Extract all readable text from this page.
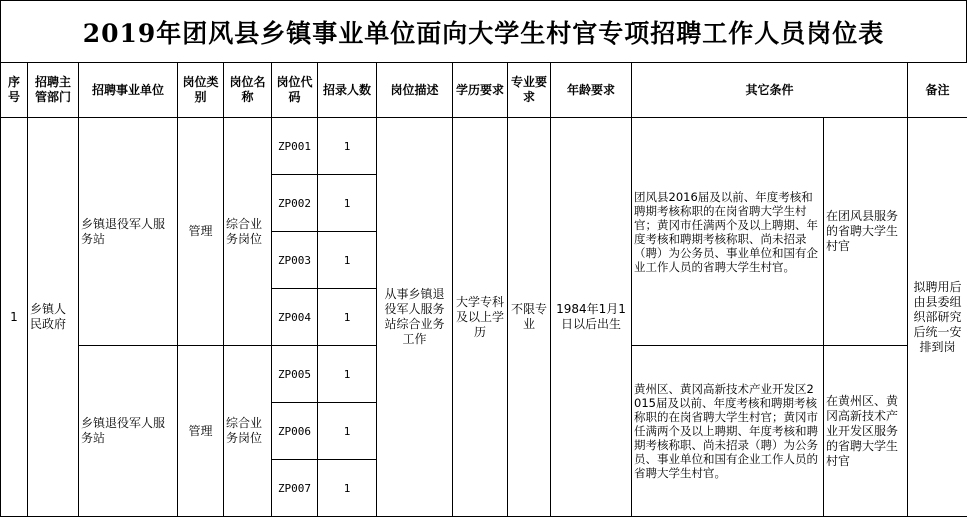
2019年团风县乡镇事业单位面向大学生村官专项招聘工作人员岗位表
序号	招聘主管部门	招聘事业单位	岗位类别	岗位名称	岗位代码	招录人数	岗位描述	学历要求	专业要求	年龄要求	其它条件		备注
1	乡镇人民政府	乡镇退役军人服务站	管理	综合业务岗位	ZP001	1	从事乡镇退役军人服务站综合业务工作	大学专科及以上学历	不限专业	1984年1月1日以后出生	团风县2016届及以前、年度考核和聘期考核称职的在岗省聘大学生村官；黄冈市任满两个及以上聘期、年度考核和聘期考核称职、尚未招录（聘）为公务员、事业单位和国有企业工作人员的省聘大学生村官。	在团风县服务的省聘大学生村官	拟聘用后由县委组织部研究后统一安排到岗
					ZP002	1							
					ZP003	1							
					ZP004	1							
		乡镇退役军人服务站	管理	综合业务岗位	ZP005	1					黄州区、黄冈高新技术产业开发区2015届及以前、年度考核和聘期考核称职的在岗省聘大学生村官；黄冈市任满两个及以上聘期、年度考核和聘期考核称职、尚未招录（聘）为公务员、事业单位和国有企业工作人员的省聘大学生村官。	在黄州区、黄冈高新技术产业开发区服务的省聘大学生村官	
					ZP006	1							
					ZP007	1							
